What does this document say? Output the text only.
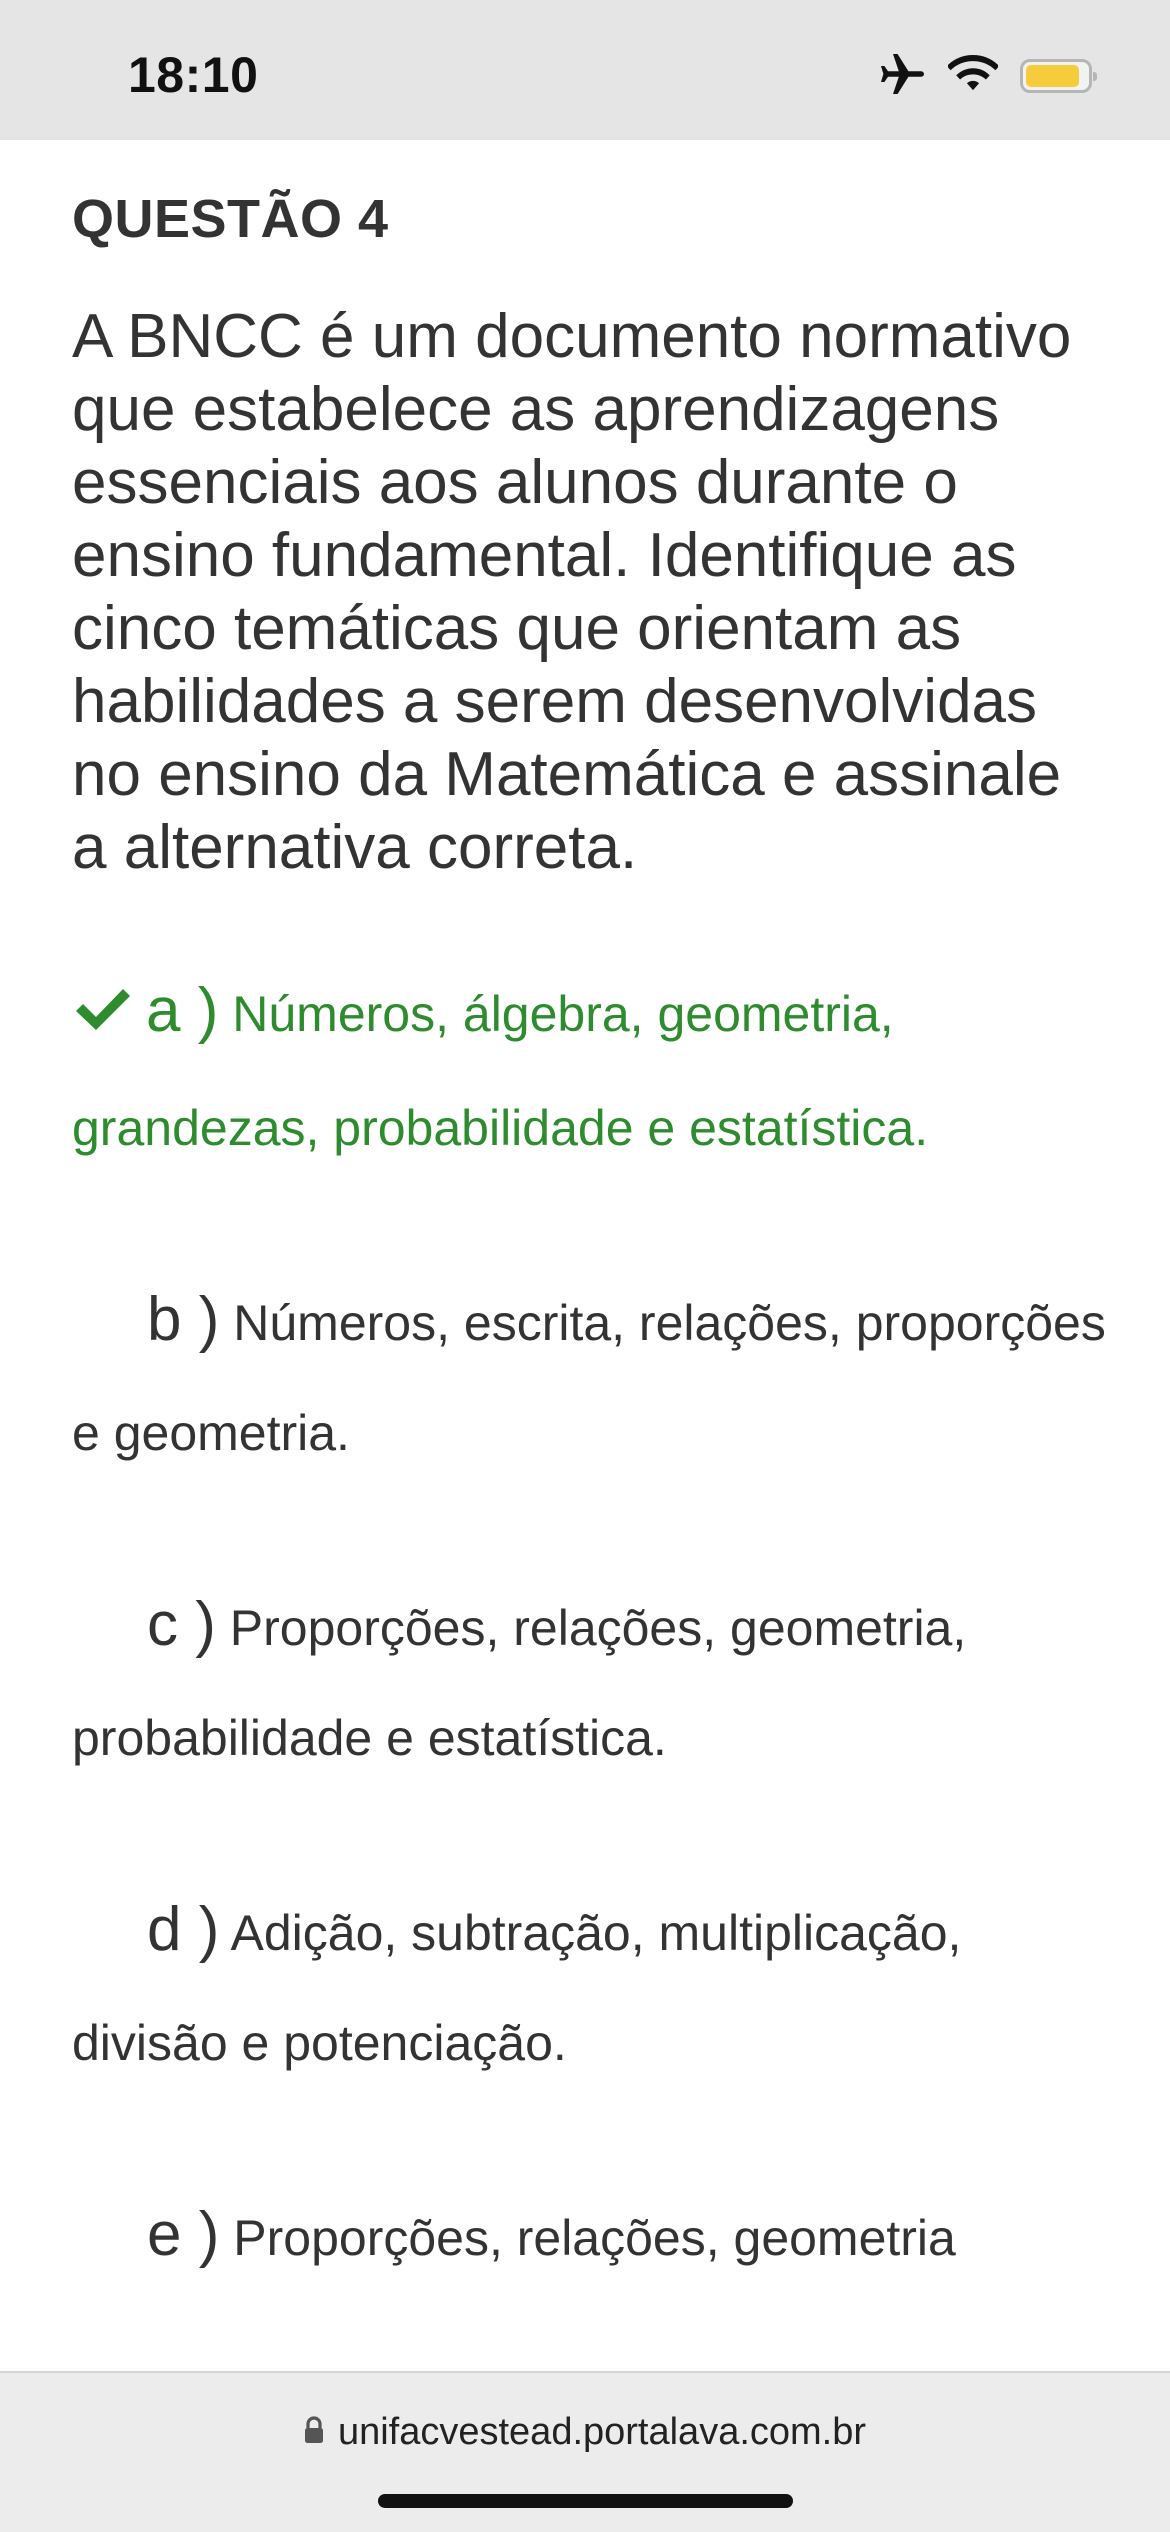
18:10
QUESTÃO 4

A BNCC é um documento normativo que estabelece as aprendizagens essenciais aos alunos durante o ensino fundamental. Identifique as cinco temáticas que orientam as habilidades a serem desenvolvidas no ensino da Matemática e assinale a alternativa correta.

a ) Números, álgebra, geometria, grandezas, probabilidade e estatística.
b ) Números, escrita, relações, proporções e geometria.
c ) Proporções, relações, geometria, probabilidade e estatística.
d ) Adição, subtração, multiplicação, divisão e potenciação.
e ) Proporções, relações, geometria
unifacvestead.portalava.com.br
